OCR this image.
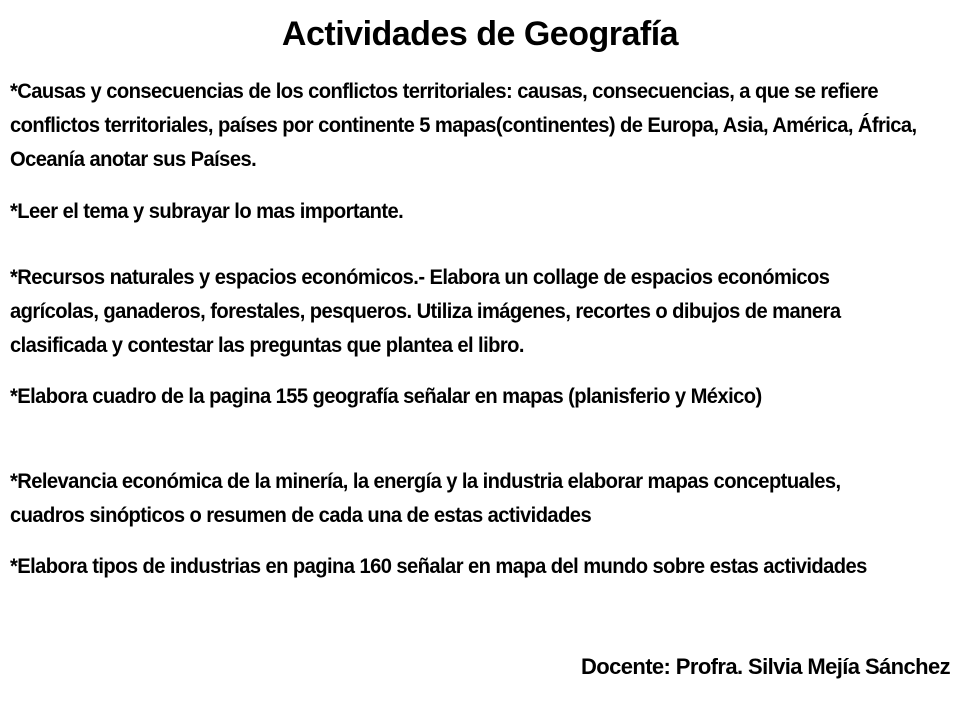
Actividades de Geografía
*Causas y consecuencias de los conflictos territoriales: causas, consecuencias, a que se refiere conflictos territoriales, países por continente 5 mapas(continentes) de Europa, Asia, América, África, Oceanía anotar sus Países.
*Leer el tema y subrayar lo mas importante.
*Recursos naturales y espacios económicos.- Elabora un collage de espacios económicos agrícolas, ganaderos, forestales, pesqueros. Utiliza imágenes, recortes o dibujos de manera clasificada y contestar las preguntas que plantea el libro.
*Elabora cuadro de la pagina 155 geografía señalar en mapas (planisferio y México)
*Relevancia económica de la minería, la energía y la industria elaborar mapas conceptuales, cuadros sinópticos o resumen de cada una de estas actividades
*Elabora tipos de industrias en pagina 160 señalar en mapa del mundo sobre estas actividades
Docente: Profra. Silvia Mejía Sánchez
